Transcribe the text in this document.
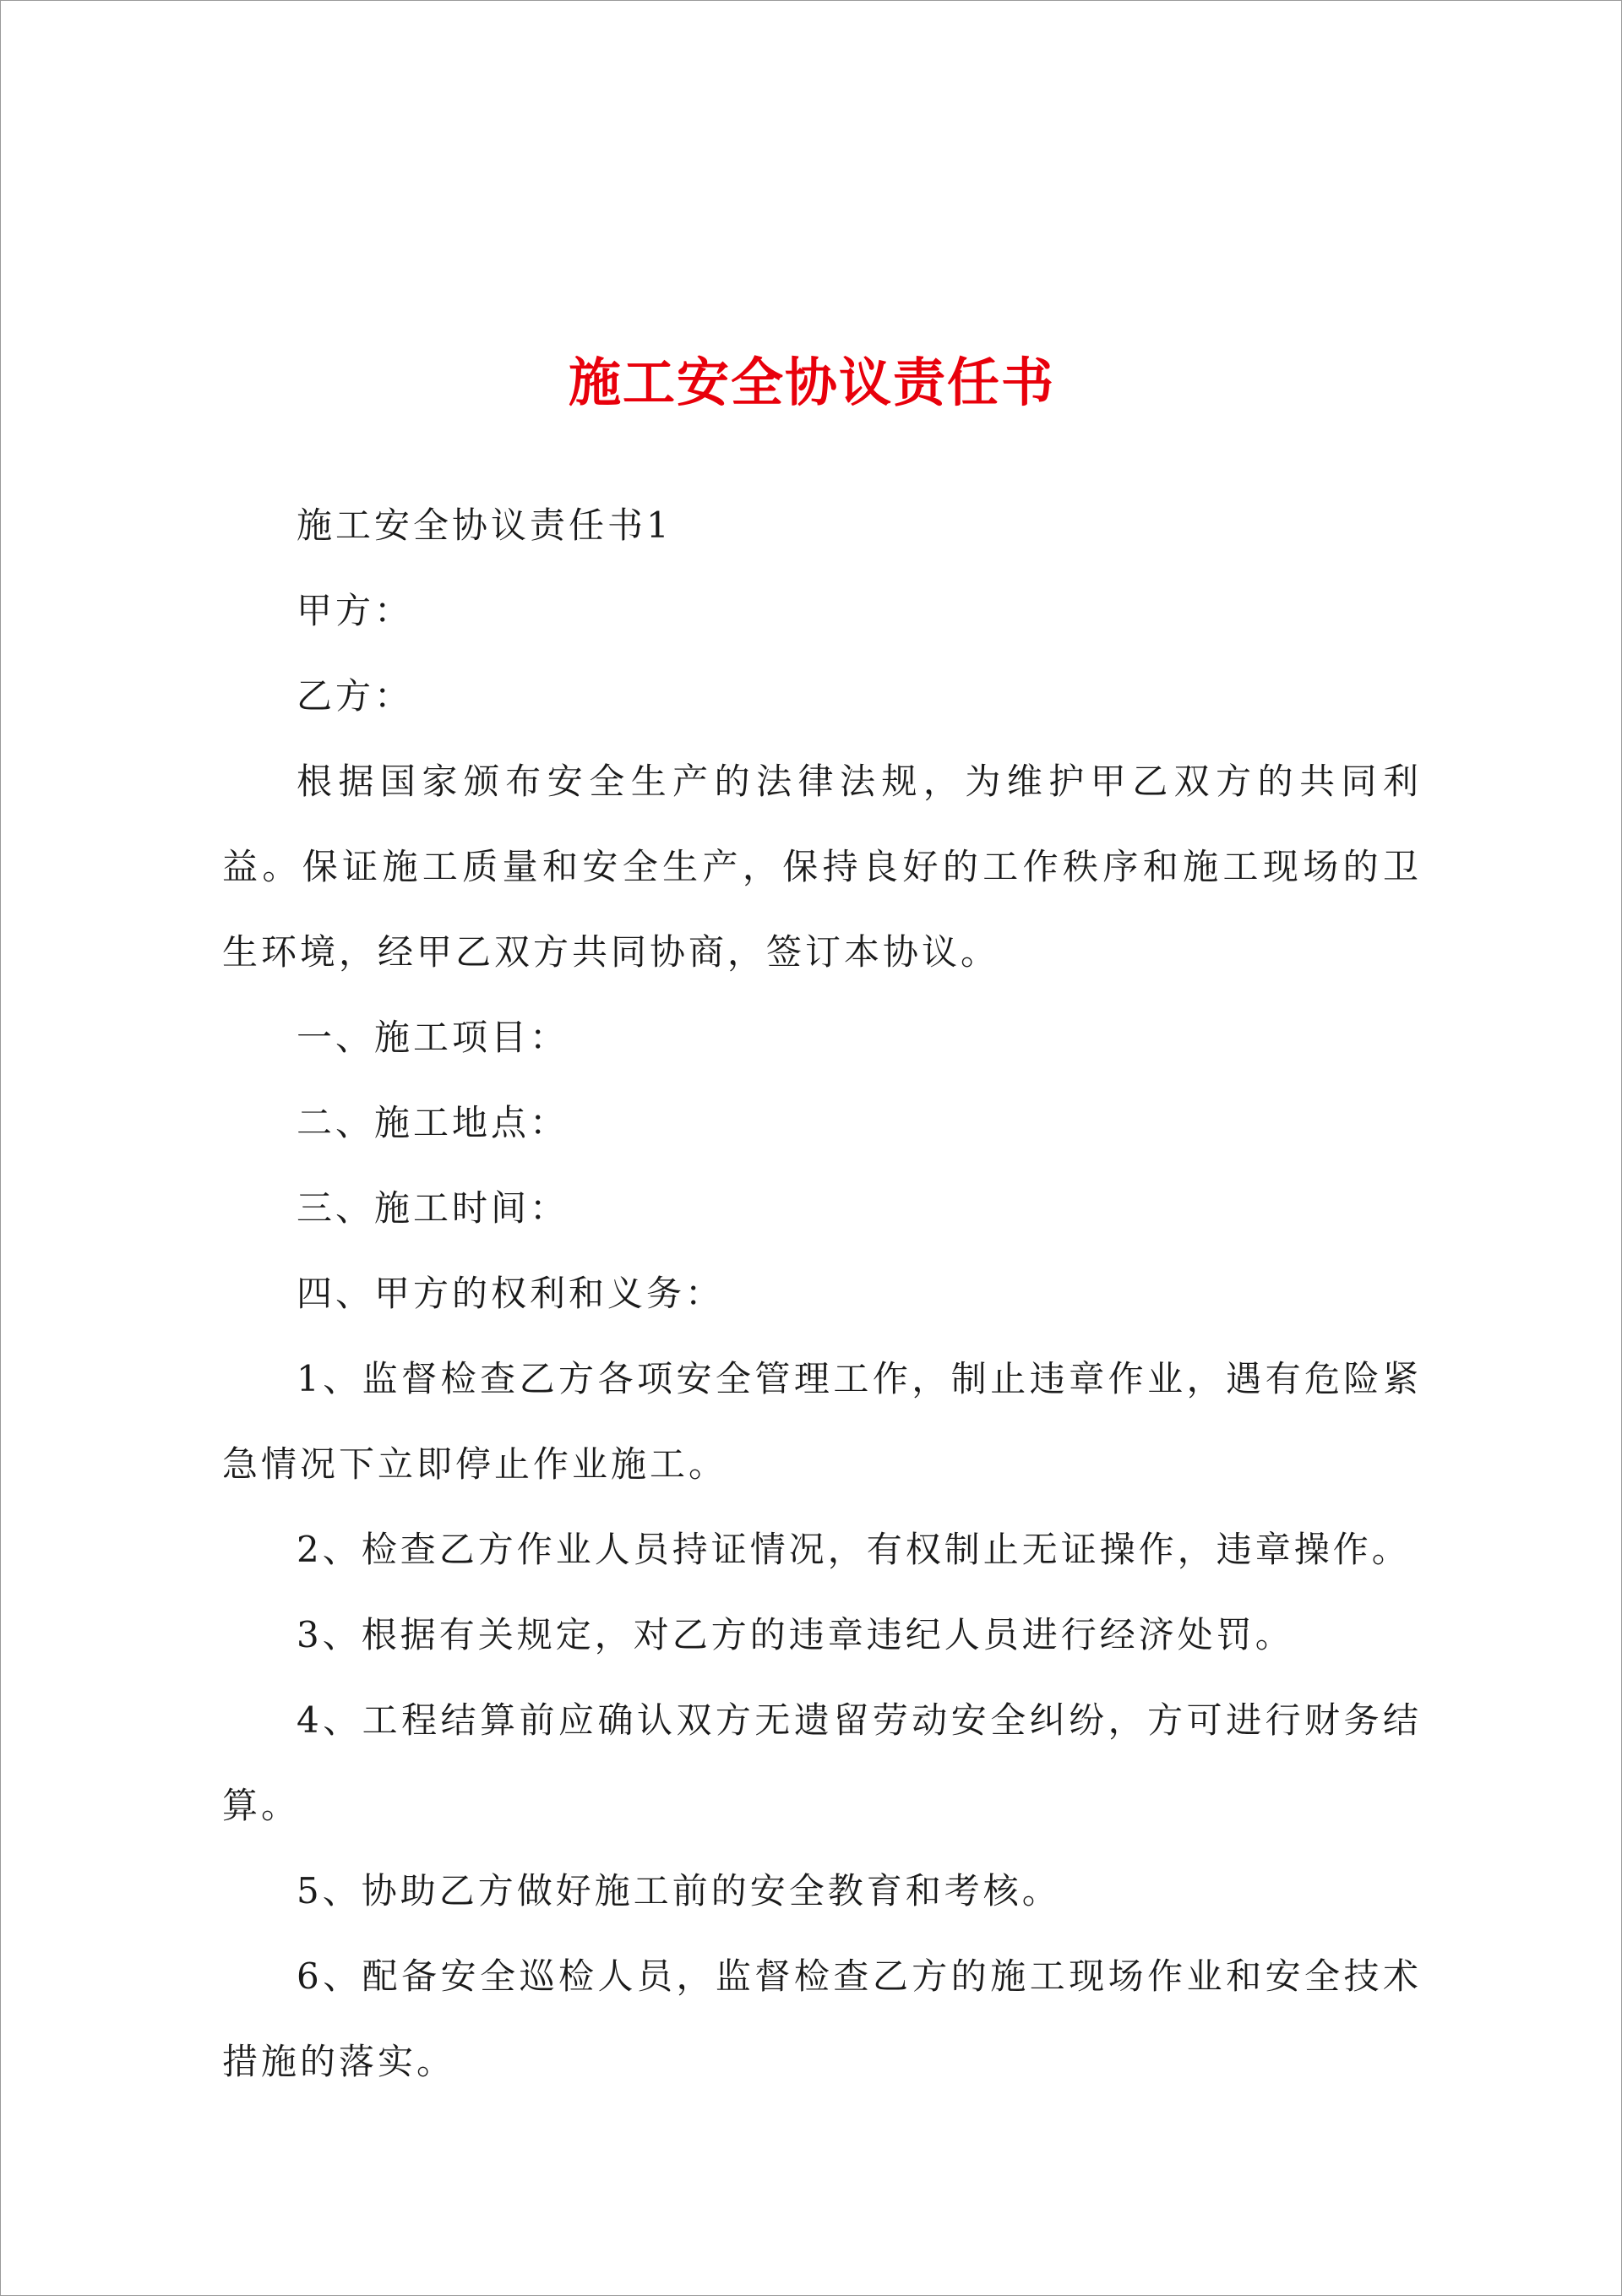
施工安全协议责任书

施工安全协议责任书1

甲方：

乙方：

根据国家颁布安全生产的法律法规，为维护甲乙双方的共同利益。保证施工质量和安全生产，保持良好的工作秩序和施工现场的卫生环境，经甲乙双方共同协商，签订本协议。

一、施工项目：

二、施工地点：

三、施工时间：

四、甲方的权利和义务：

1、监督检查乙方各项安全管理工作，制止违章作业，遇有危险紧急情况下立即停止作业施工。

2、检查乙方作业人员持证情况，有权制止无证操作，违章操作。

3、根据有关规定，对乙方的违章违纪人员进行经济处罚。

4、工程结算前应确认双方无遗留劳动安全纠纷，方可进行财务结算。

5、协助乙方做好施工前的安全教育和考核。

6、配备安全巡检人员，监督检查乙方的施工现场作业和安全技术措施的落实。
